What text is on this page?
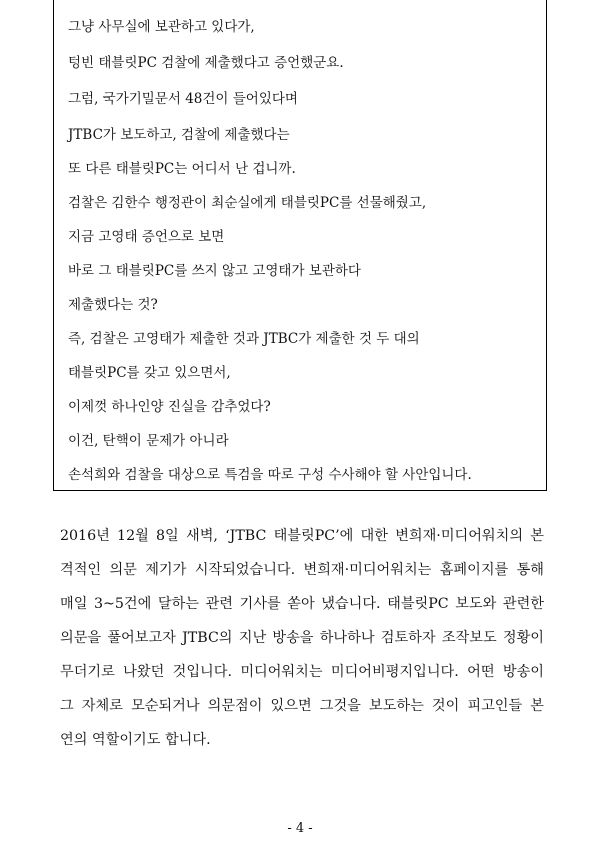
그냥 사무실에 보관하고 있다가,
텅빈 태블릿PC 검찰에 제출했다고 증언했군요.
그럼, 국가기밀문서 48건이 들어있다며
JTBC가 보도하고, 검찰에 제출했다는
또 다른 태블릿PC는 어디서 난 겁니까.
검찰은 김한수 행정관이 최순실에게 태블릿PC를 선물해줬고,
지금 고영태 증언으로 보면
바로 그 태블릿PC를 쓰지 않고 고영태가 보관하다
제출했다는 것?
즉, 검찰은 고영태가 제출한 것과 JTBC가 제출한 것 두 대의
태블릿PC를 갖고 있으면서,
이제껏 하나인양 진실을 감추었다?
이건, 탄핵이 문제가 아니라
손석희와 검찰을 대상으로 특검을 따로 구성 수사해야 할 사안입니다.
2016년 12월 8일 새벽, ‘JTBC 태블릿PC’에 대한 변희재·미디어워치의 본
격적인 의문 제기가 시작되었습니다. 변희재·미디어워치는 홈페이지를 통해
매일 3~5건에 달하는 관련 기사를 쏟아 냈습니다. 태블릿PC 보도와 관련한
의문을 풀어보고자 JTBC의 지난 방송을 하나하나 검토하자 조작보도 정황이
무더기로 나왔던 것입니다. 미디어워치는 미디어비평지입니다. 어떤 방송이
그 자체로 모순되거나 의문점이 있으면 그것을 보도하는 것이 피고인들 본
연의 역할이기도 합니다.
- 4 -
